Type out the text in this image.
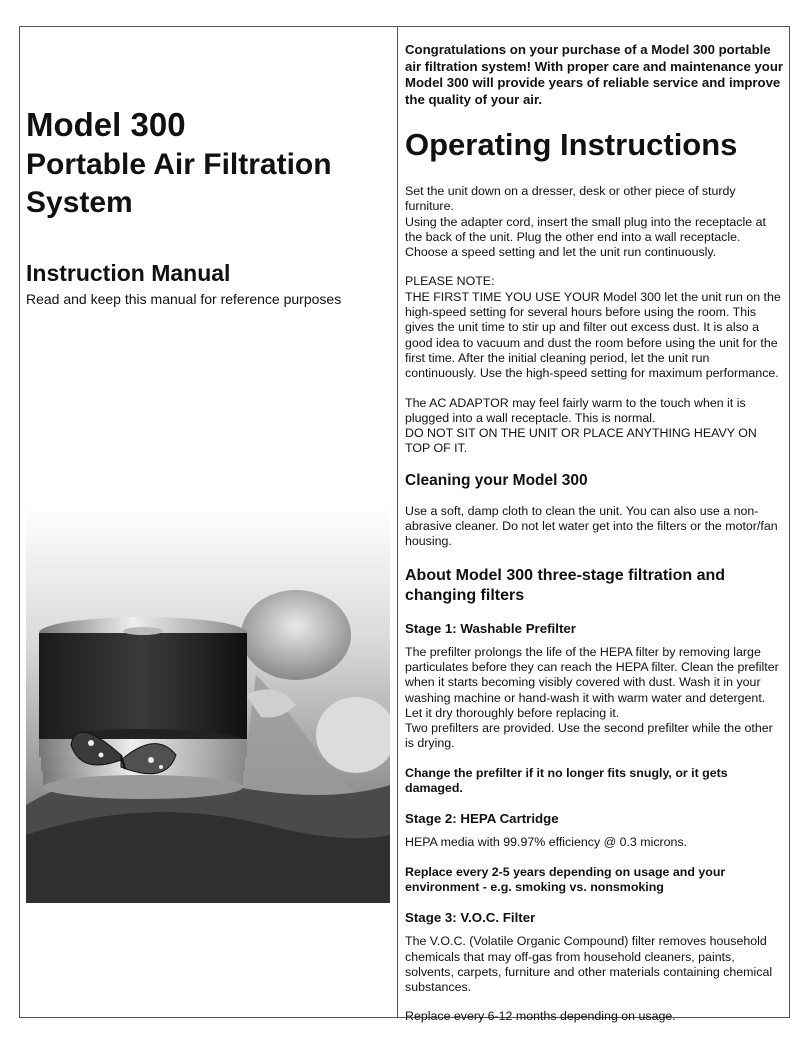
Model 300
Portable Air Filtration System
Instruction Manual

Read and keep this manual for reference purposes

Congratulations on your purchase of a Model 300 portable air filtration system! With proper care and maintenance your Model 300 will provide years of reliable service and improve the quality of your air.

Operating Instructions

Set the unit down on a dresser, desk or other piece of sturdy furniture.
Using the adapter cord, insert the small plug into the receptacle at the back of the unit. Plug the other end into a wall receptacle. Choose a speed setting and let the unit run continuously.

PLEASE NOTE:
THE FIRST TIME YOU USE YOUR Model 300 let the unit run on the high-speed setting for several hours before using the room. This gives the unit time to stir up and filter out excess dust. It is also a good idea to vacuum and dust the room before using the unit for the first time. After the initial cleaning period, let the unit run continuously. Use the high-speed setting for maximum performance.

The AC ADAPTOR may feel fairly warm to the touch when it is plugged into a wall receptacle. This is normal.
DO NOT SIT ON THE UNIT OR PLACE ANYTHING HEAVY ON TOP OF IT.

Cleaning your Model 300

Use a soft, damp cloth to clean the unit. You can also use a non-abrasive cleaner. Do not let water get into the filters or the motor/fan housing.

About Model 300 three-stage filtration and changing filters
Stage 1: Washable Prefilter

The prefilter prolongs the life of the HEPA filter by removing large particulates before they can reach the HEPA filter. Clean the prefilter when it starts becoming visibly covered with dust. Wash it in your washing machine or hand-wash it with warm water and detergent. Let it dry thoroughly before replacing it.
Two prefilters are provided. Use the second prefilter while the other is drying.

Change the prefilter if it no longer fits snugly, or it gets damaged.

Stage 2: HEPA Cartridge

HEPA media with 99.97% efficiency @ 0.3 microns.

Replace every 2-5 years depending on usage and your environment - e.g. smoking vs. nonsmoking

Stage 3: V.O.C. Filter

The V.O.C. (Volatile Organic Compound) filter removes household chemicals that may off-gas from household cleaners, paints, solvents, carpets, furniture and other materials containing chemical substances.

Replace every 6-12 months depending on usage.
